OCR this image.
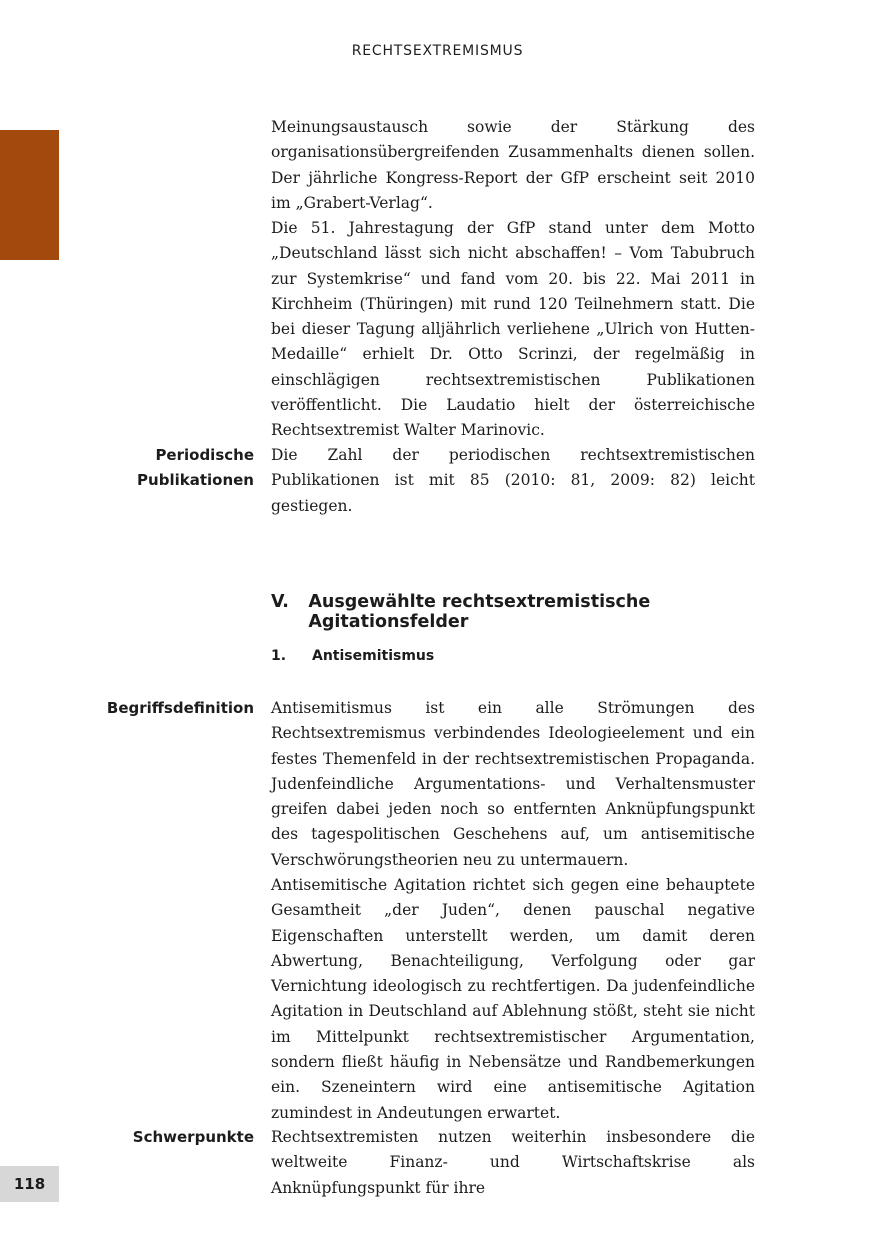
RECHTSEXTREMISMUS

Meinungsaustausch sowie der Stärkung des organisationsübergreifenden Zusammenhalts dienen sollen. Der jährliche Kongress-Report der GfP erscheint seit 2010 im „Grabert-Verlag“.

Die 51. Jahrestagung der GfP stand unter dem Motto „Deutschland lässt sich nicht abschaffen! – Vom Tabubruch zur Systemkrise“ und fand vom 20. bis 22. Mai 2011 in Kirchheim (Thüringen) mit rund 120 Teilnehmern statt. Die bei dieser Tagung alljährlich verliehene „Ulrich von Hutten-Medaille“ erhielt Dr. Otto Scrinzi, der regelmäßig in einschlägigen rechtsextremistischen Publikationen veröffentlicht. Die Laudatio hielt der österreichische Rechtsextremist Walter Marinovic.

Periodische
Publikationen

Die Zahl der periodischen rechtsextremistischen Publikationen ist mit 85 (2010: 81, 2009: 82) leicht gestiegen.

V.	Ausgewählte rechtsextremistische Agitationsfelder
1.	Antisemitismus

Begriffsdefinition Antisemitismus ist ein alle Strömungen des Rechtsextremismus verbindendes Ideologieelement und ein festes Themenfeld in der rechtsextremistischen Propaganda. Judenfeindliche Argumentations- und Verhaltensmuster greifen dabei jeden noch so entfernten Anknüpfungspunkt des tagespolitischen Geschehens auf, um antisemitische Verschwörungstheorien neu zu untermauern.

Antisemitische Agitation richtet sich gegen eine behauptete Gesamtheit „der Juden“, denen pauschal negative Eigenschaften unterstellt werden, um damit deren Abwertung, Benachteiligung, Verfolgung oder gar Vernichtung ideologisch zu rechtfertigen. Da judenfeindliche Agitation in Deutschland auf Ablehnung stößt, steht sie nicht im Mittelpunkt rechtsextremistischer Argumentation, sondern fließt häufig in Nebensätze und Randbemerkungen ein. Szeneintern wird eine antisemitische Agitation zumindest in Andeutungen erwartet.

Schwerpunkte Rechtsextremisten nutzen weiterhin insbesondere die weltweite Finanz- und Wirtschaftskrise als Anknüpfungspunkt für ihre

118
